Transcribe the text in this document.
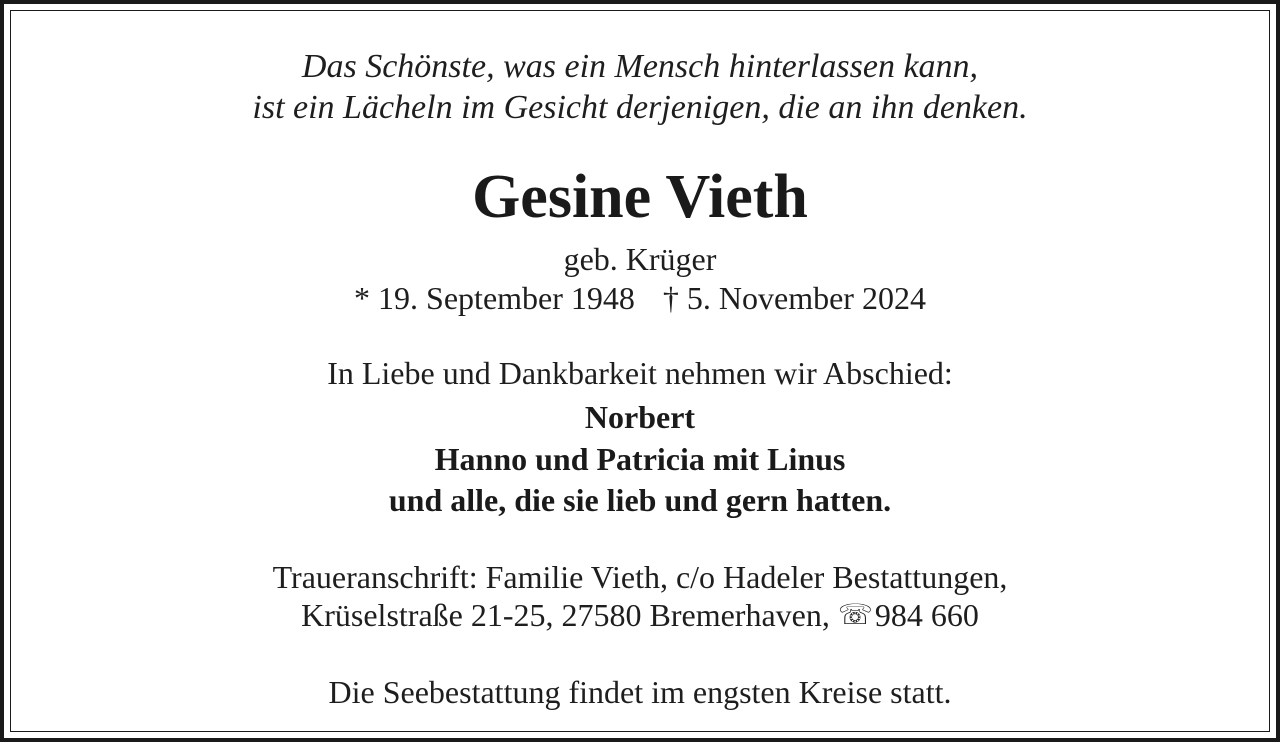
Das Schönste, was ein Mensch hinterlassen kann,
ist ein Lächeln im Gesicht derjenigen, die an ihn denken.
Gesine Vieth
geb. Krüger
* 19. September 1948 † 5. November 2024
In Liebe und Dankbarkeit nehmen wir Abschied:
Norbert
Hanno und Patricia mit Linus
und alle, die sie lieb und gern hatten.
Traueranschrift: Familie Vieth, c/o Hadeler Bestattungen,
Krüselstraße 21-25, 27580 Bremerhaven, ☏984 660
Die Seebestattung findet im engsten Kreise statt.
